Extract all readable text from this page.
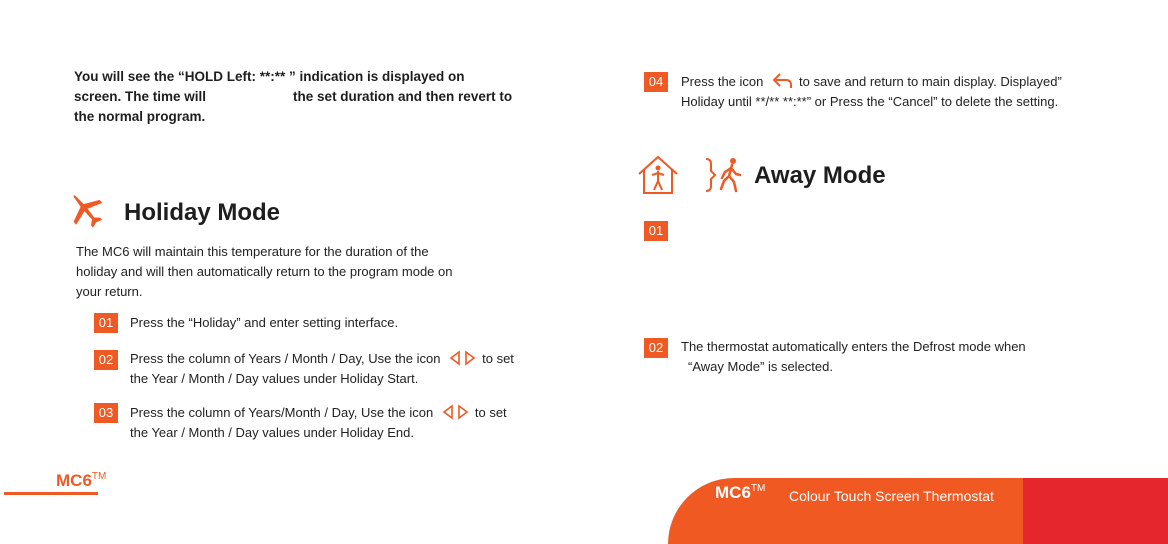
You will see the “HOLD Left: **:** ” indication is displayed on
screen. The time will	the set duration and then revert to
the normal program.
Holiday Mode
The MC6 will maintain this temperature for the duration of the
holiday and will then automatically return to the program mode on
your return.
01	Press the “Holiday” and enter setting interface.
02	Press the column of Years / Month / Day, Use the icon	to set
the Year / Month / Day values under Holiday Start.
03	Press the column of Years/Month / Day, Use the icon	to set
the Year / Month / Day values under Holiday End.
MC6™
04	Press the icon	to save and return to main display. Displayed”
Holiday until **/** **:**” or Press the “Cancel” to delete the setting.
Away Mode
01
02	The thermostat automatically enters the Defrost mode when
“Away Mode” is selected.
MC6™ Colour Touch Screen Thermostat
